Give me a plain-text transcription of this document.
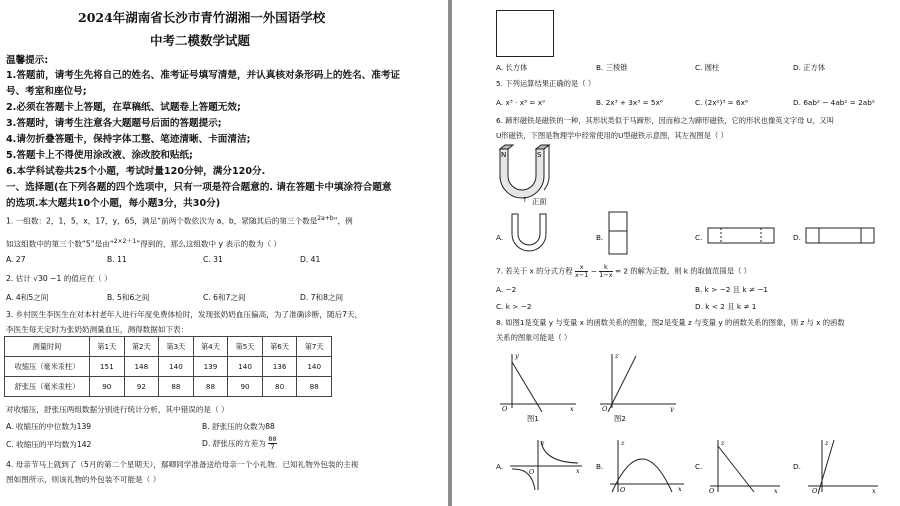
2024年湖南省长沙市青竹湖湘一外国语学校
中考二模数学试题
温馨提示:
1.答题前，请考生先将自己的姓名、准考证号填写清楚，并认真核对条形码上的姓名、准考证
号、考室和座位号;
2.必须在答题卡上答题，在草稿纸、试题卷上答题无效;
3.答题时，请考生注意各大题题号后面的答题提示;
4.请勿折叠答题卡，保持字体工整、笔迹清晰、卡面清洁;
5.答题卡上不得使用涂改液、涂改胶和贴纸;
6.本学科试卷共25个小题，考试时量120分钟，满分120分.
一、选择题(在下列各题的四个选项中，只有一项是符合题意的. 请在答题卡中填涂符合题意
的选项.本大题共10个小题，每小题3分，共30分)
1. 一组数：2，1，5，x，17，y，65，满足“前两个数依次为 a、b，紧随其后的第三个数是$^{2a+b}$”，例
如这组数中的第三个数“5”是由“$^{2\times 2+1}$”得到的，那么这组数中 y 表示的数为（ ）
A. 27	B. 11	C. 31	D. 41
2. 估计 √30 −1 的值应在（ ）
A. 4和5之间	B. 5和6之间	C. 6和7之间	D. 7和8之间
3. 乡村医生李医生在对本村老年人进行年度免费体检时，发现张奶奶血压偏高，为了准确诊断，随后7天，
李医生每天定时为张奶奶测量血压，测得数据如下表：
测量时间	第1天	第2天	第3天	第4天	第5天	第6天	第7天
收缩压（毫米汞柱）	151	148	140	139	140	136	140
舒张压（毫米汞柱）	90	92	88	88	90	80	88
对收缩压，舒张压两组数据分别进行统计分析，其中错误的是（ ）
A. 收缩压的中位数为139	B. 舒张压的众数为88
C. 收缩压的平均数为142	D. 舒张压的方差为 $\frac{88}{7}$
4. 母亲节马上就到了（5月的第二个星期天），鄢卿同学准备送给母亲一个小礼物．已知礼物外包装的主视
图如图所示，则该礼物的外包装不可能是（ ）
A. 长方体	B. 三棱锥	C. 圆柱	D. 正方体
5. 下列运算结果正确的是（ ）
A. x³ · x³ = x⁹	B. 2x³ + 3x³ = 5x⁶	C. (2x²)³ = 6x⁶	D. 6ab² − 4ab² = 2ab²
6. 蹄形磁铁是磁铁的一种，其形状类似于马蹄形，因而称之为蹄形磁铁，它的形状也像英文字母 U，又叫
U形磁铁，下图是物理学中经常使用的U型磁铁示意图，其左视图是（ ）
N	S
正面
↑
A.	B.	C.	D.
7. 若关于 x 的分式方程 $\frac{x}{x-1} - \frac{k}{1-x} = 2$ 的解为正数，则 k 的取值范围是（ ）
A. −2	B. k > −2 且 k ≠ −1
C. k > −2	D. k < 2 且 k ≠ 1
8. 如图1是变量 y 与变量 x 的函数关系的图象，图2是变量 z 与变量 y 的函数关系的图象，则 z 与 x 的函数
关系的图象可能是（ ）
y
x
O
图1
z
y
O
图2
A.
z
x
O
B.
z
x
O
C.
z
x
O
D.
z
x
O
